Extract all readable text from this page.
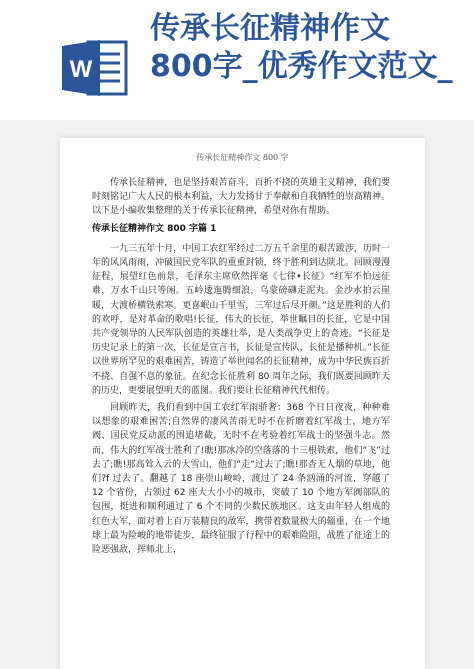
W
传承长征精神作文
800字_优秀作文范文_
传承长征精神作文 800 字

传承长征精神，也是坚持艰苦奋斗，百折不挠的英雄主义精神，我们要时刻铭记广大人民的根本利益，大力发扬甘于奉献和自我牺牲的崇高精神。以下是小编收集整理的关于传承长征精神，希望对你有帮助。

传承长征精神作文 800 字篇 1

一九三五年十月，中国工农红军经过二万五千余里的艰苦跋涉，历时一年的风风雨雨，冲破国民党军队的重重封锁，终于胜利到达陕北。回顾漫漫征程，展望红色前景，毛泽东主席欣然挥毫《七律•长征》“红军不怕远征难，万水千山只等闲。五岭逶迤腾细浪，乌蒙磅礴走泥丸。金沙水拍云崖暖，大渡桥横铁索寒。更喜岷山千里雪，三军过后尽开颜。”这是胜利的人们的欢呼，是对革命的歌唱!长征，伟大的长征，举世瞩目的长征，它是中国共产党领导的人民军队创造的英雄壮举，是人类战争史上的奇迹。“长征是历史记录上的第一次，长征是宣言书，长征是宣传队，长征是播种机。”长征以世界所罕见的艰难困苦，铸造了举世闻名的长征精神，成为中华民族百折不挠、自强不息的象征。在纪念长征胜利 80 周年之际，我们既要回顾昨天的历史，更要展望明天的蓝图。我们要让长征精神代代相传。

回顾昨天，我们看到中国工农红军雨骄奢：368 个日日夜夜，种种难以想象的艰难困苦;自然界的凄风苦雨无时不在折磨着红军战士，地方军阀、国民党反动派的围追堵截，无时不在考验着红军战士的坚强斗志。然而，伟大的红军战士胜利了!瞧!那冰冷的空落落的十三根铁索，他们“飞”过去了;瞧!那高耸入云的大雪山，他们“走”过去了;瞧!那杳无人烟的草地，他们?f 过去了。翻越了 18 座崇山峻岭，渡过了 24 条汹涌的河流，穿越了 12 个省份，占领过 62 座大大小小的城市，突破了 10 个地方军阀部队的包围，挺进和顺利通过了 6 个不同的少数民族地区。这支由年轻人组成的红色大军，面对着上百万装精良的敌军，携带着数量极大的辎重，在一个地球上最为险峻的地带徒步，最终征服了行程中的艰难险阻，战胜了征途上的险恶强敌，挥师北上，
